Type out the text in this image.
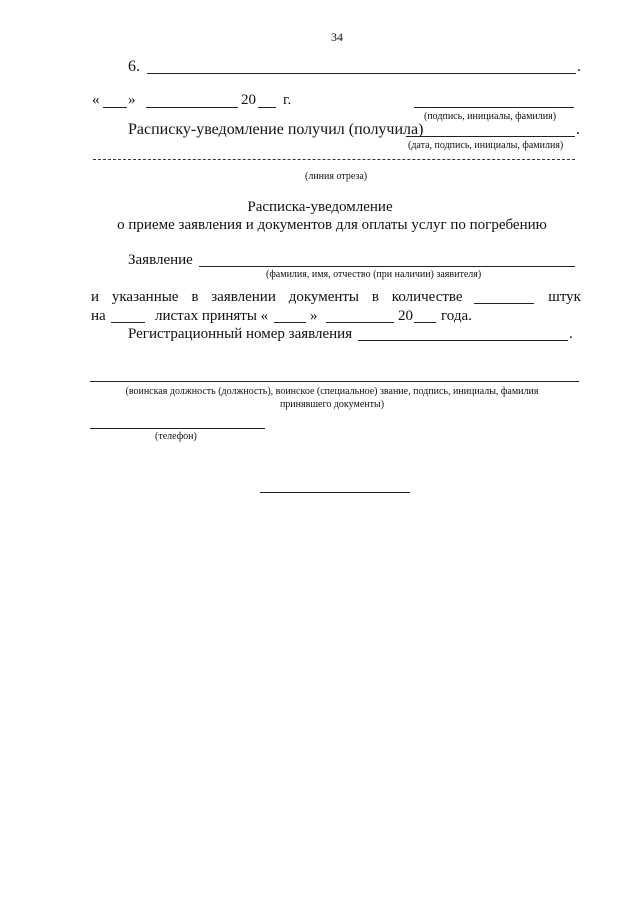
34
6.	.
« »	20 г.
(подпись, инициалы, фамилия)
Расписку-уведомление получил (получила)	.
(дата, подпись, инициалы, фамилия)
(линия отреза)
Расписка-уведомление
о приеме заявления и документов для оплаты услуг по погребению
Заявление
(фамилия, имя, отчество (при наличии) заявителя)
и указанные в заявлении документы в количестве	штук
на	листах приняты «	»	20 года.
Регистрационный номер заявления	.
(воинская должность (должность), воинское (специальное) звание, подпись, инициалы, фамилия
принявшего документы)
(телефон)
